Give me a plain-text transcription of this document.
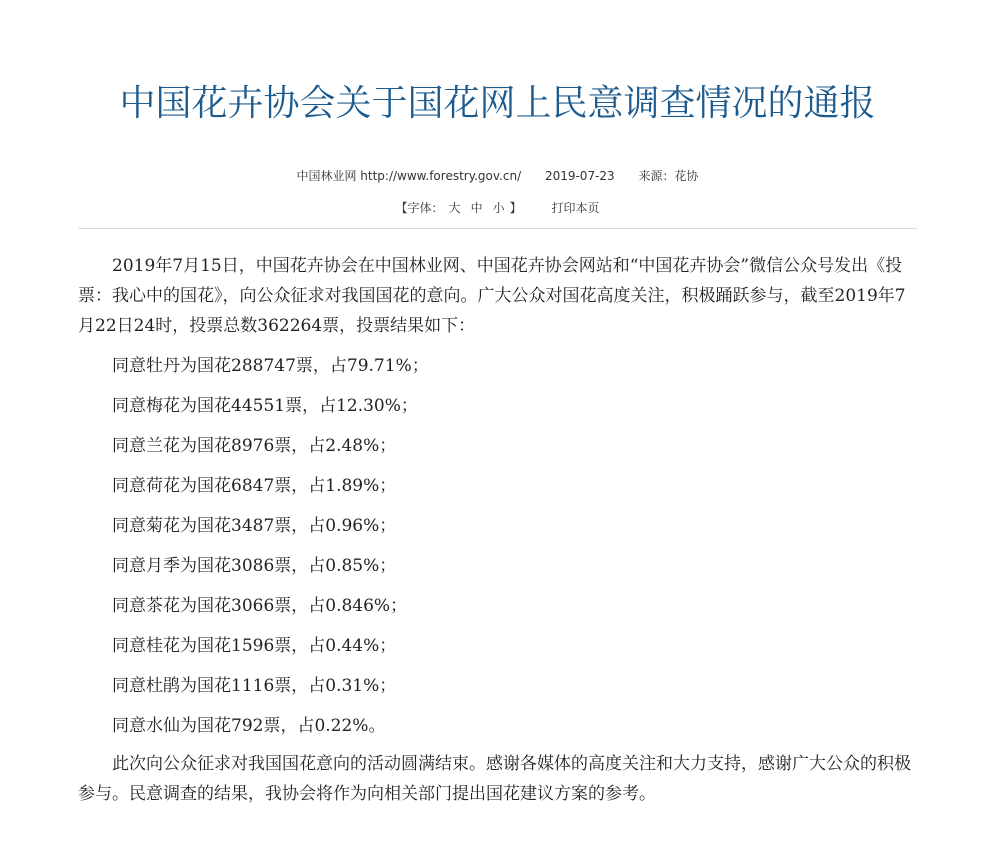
中国花卉协会关于国花网上民意调查情况的通报
中国林业网 http://www.forestry.gov.cn/ 2019-07-23 来源：花协
【字体： 大 中 小 】 打印本页

2019年7月15日，中国花卉协会在中国林业网、中国花卉协会网站和“中国花卉协会”微信公众号发出《投票：我心中的国花》，向公众征求对我国国花的意向。广大公众对国花高度关注，积极踊跃参与，截至2019年7月22日24时，投票总数362264票，投票结果如下：

同意牡丹为国花288747票，占79.71%；
同意梅花为国花44551票，占12.30%；
同意兰花为国花8976票，占2.48%；
同意荷花为国花6847票，占1.89%；
同意菊花为国花3487票，占0.96%；
同意月季为国花3086票，占0.85%；
同意茶花为国花3066票，占0.846%；
同意桂花为国花1596票，占0.44%；
同意杜鹃为国花1116票，占0.31%；
同意水仙为国花792票，占0.22%。

此次向公众征求对我国国花意向的活动圆满结束。感谢各媒体的高度关注和大力支持，感谢广大公众的积极参与。民意调查的结果，我协会将作为向相关部门提出国花建议方案的参考。
